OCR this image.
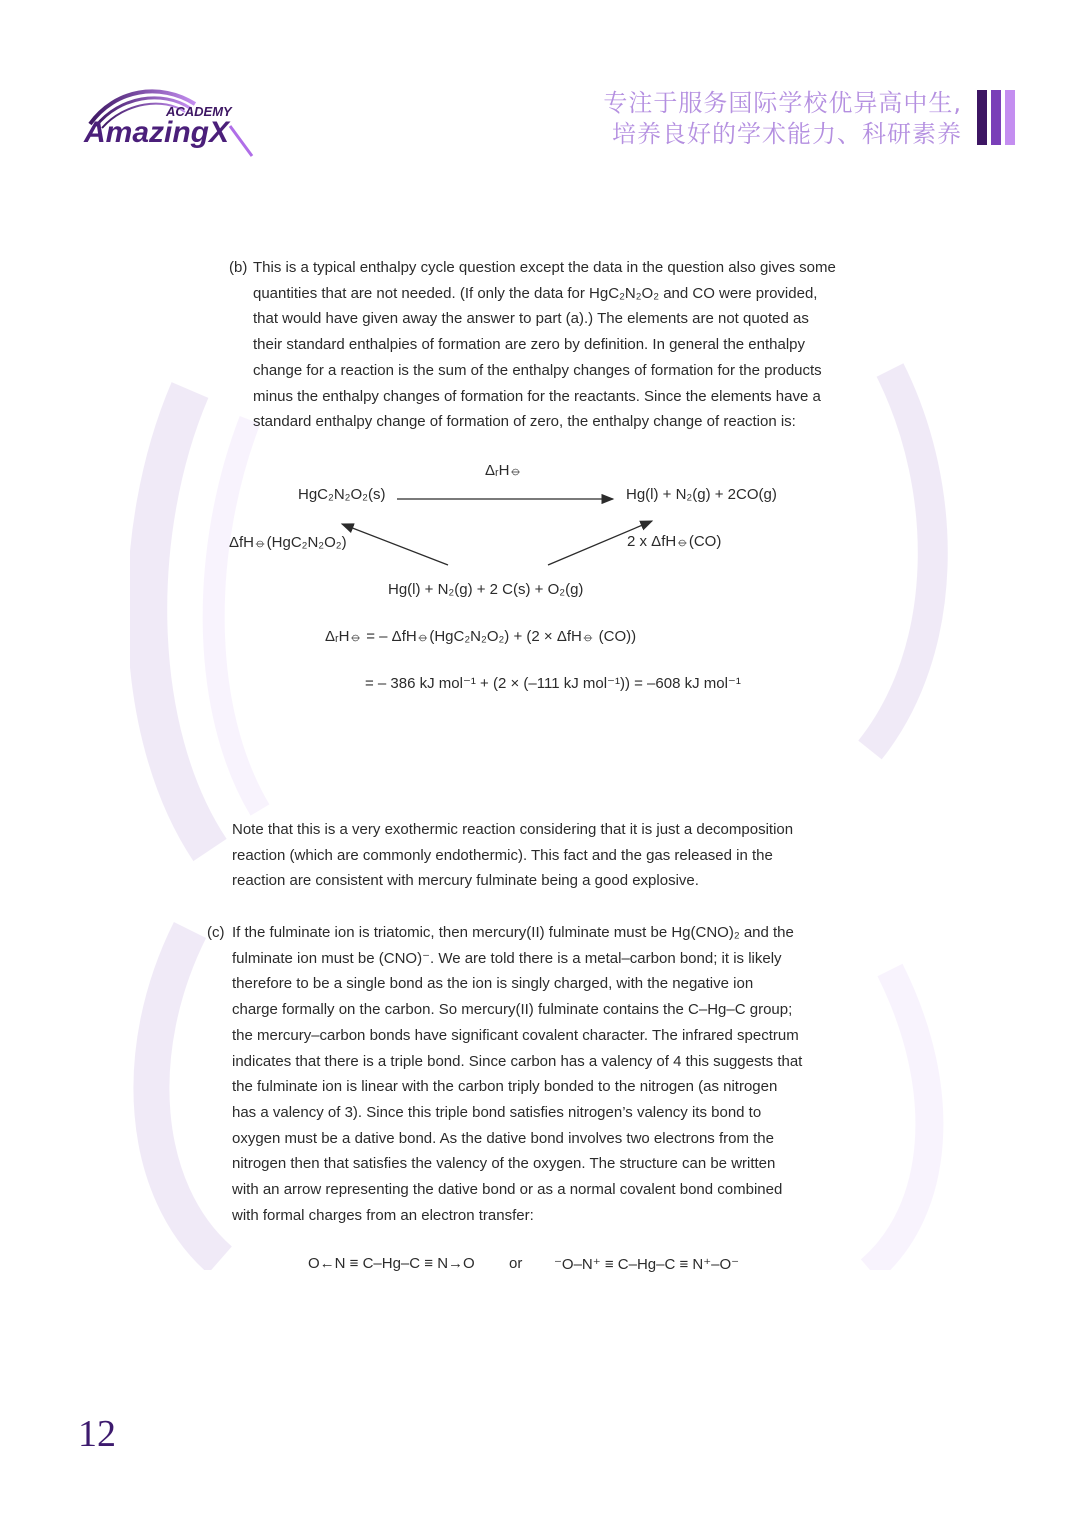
ACADEMY
AmazingX
专注于服务国际学校优异高中生,
培养良好的学术能力、科研素养
(b) This is a typical enthalpy cycle question except the data in the question also gives some
quantities that are not needed. (If only the data for HgC₂N₂O₂ and CO were provided,
that would have given away the answer to part (a).) The elements are not quoted as
their standard enthalpies of formation are zero by definition. In general the enthalpy
change for a reaction is the sum of the enthalpy changes of formation for the products
minus the enthalpy changes of formation for the reactants. Since the elements have a
standard enthalpy change of formation of zero, the enthalpy change of reaction is:
ΔᵣH⦵
HgC₂N₂O₂(s)	Hg(l) + N₂(g) + 2CO(g)
ΔfH⦵(HgC₂N₂O₂)	2 x ΔfH⦵(CO)
Hg(l) + N₂(g) + 2 C(s) + O₂(g)
ΔᵣH⦵ = – ΔfH⦵(HgC₂N₂O₂) + (2 × ΔfH⦵ (CO))
= – 386 kJ mol⁻¹ + (2 × (–111 kJ mol⁻¹)) = –608 kJ mol⁻¹
Note that this is a very exothermic reaction considering that it is just a decomposition
reaction (which are commonly endothermic). This fact and the gas released in the
reaction are consistent with mercury fulminate being a good explosive.
(c) If the fulminate ion is triatomic, then mercury(II) fulminate must be Hg(CNO)₂ and the
fulminate ion must be (CNO)⁻. We are told there is a metal–carbon bond; it is likely
therefore to be a single bond as the ion is singly charged, with the negative ion
charge formally on the carbon. So mercury(II) fulminate contains the C–Hg–C group;
the mercury–carbon bonds have significant covalent character. The infrared spectrum
indicates that there is a triple bond. Since carbon has a valency of 4 this suggests that
the fulminate ion is linear with the carbon triply bonded to the nitrogen (as nitrogen
has a valency of 3). Since this triple bond satisfies nitrogen’s valency its bond to
oxygen must be a dative bond. As the dative bond involves two electrons from the
nitrogen then that satisfies the valency of the oxygen. The structure can be written
with an arrow representing the dative bond or as a normal covalent bond combined
with formal charges from an electron transfer:
O←N ≡ C–Hg–C ≡ N→O or ⁻O–N⁺ ≡ C–Hg–C ≡ N⁺–O⁻
12
